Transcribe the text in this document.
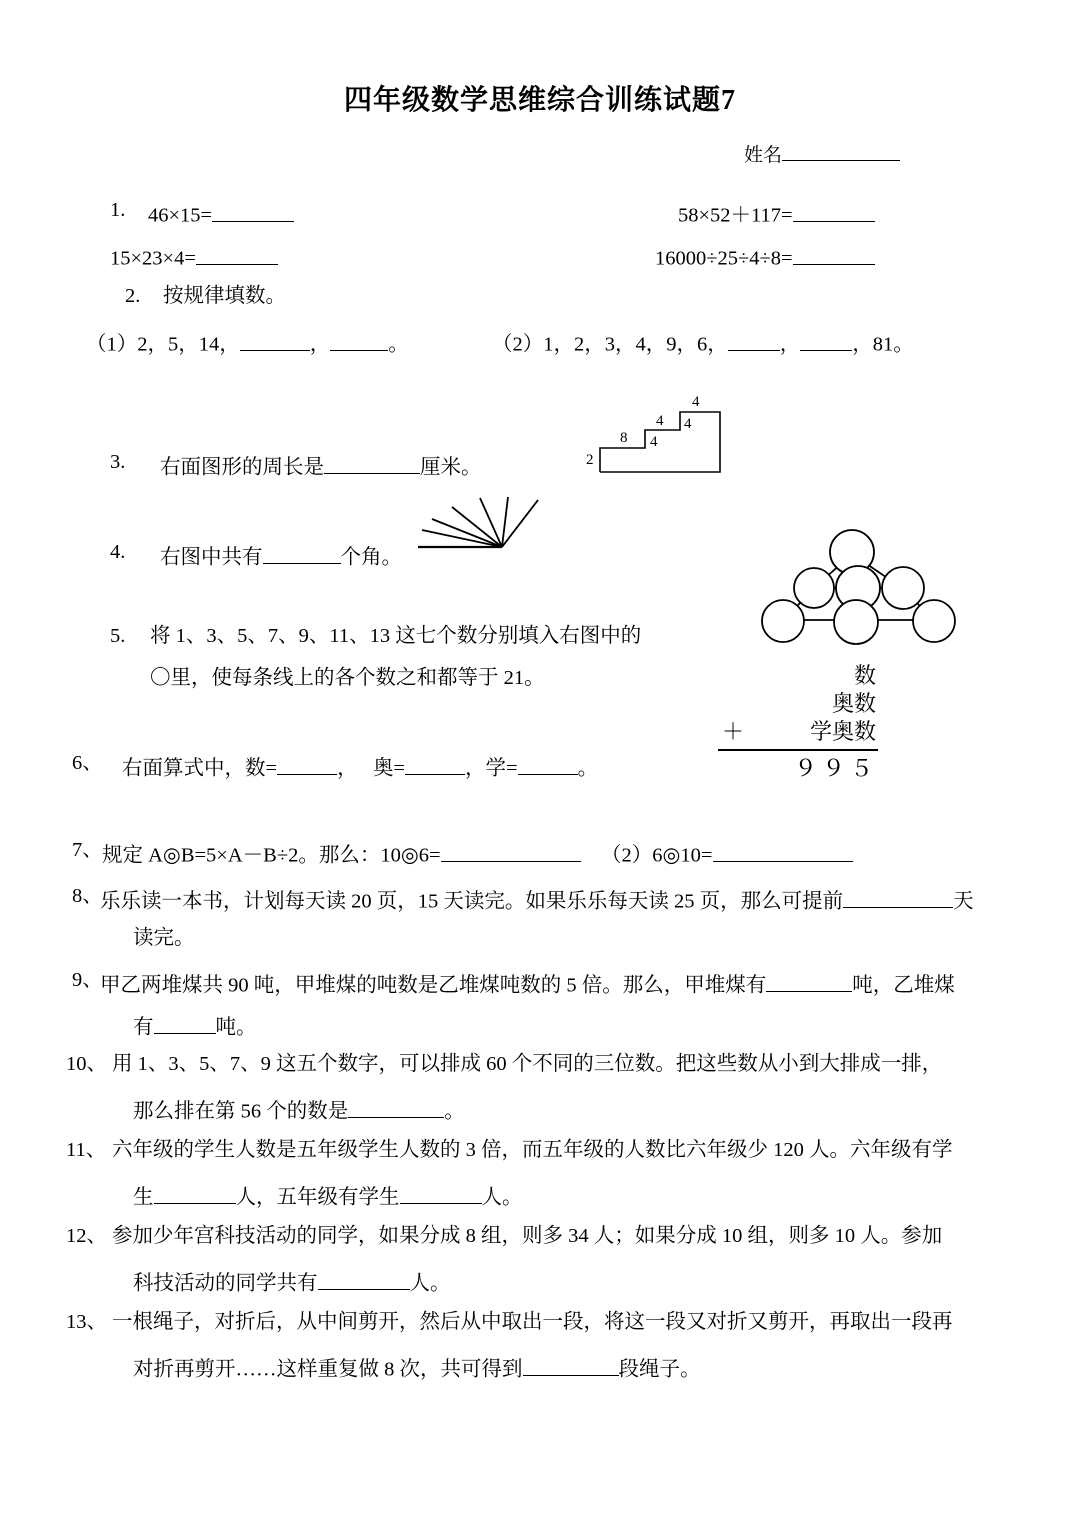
四年级数学思维综合训练试题7
姓名
1. 46×15=	58×52＋117=
15×23×4=	16000÷25÷4÷8=
2. 按规律填数。
（1）2，5，14，	，	。	（2）1，2，3，4，9，6，	，	，81。
2
8 4
4 4
4
3. 右面图形的周长是	厘米。
4. 右图中共有	个角。
5. 将 1、3、5、7、9、11、13 这七个数分别填入右图中的
〇里，使每条线上的各个数之和都等于 21。	数
奥数
＋	学奥数
９９５
6、 右面算式中，数=	， 奥=	，学=	。
7、 规定 A◎B=5×A－B÷2。那么：10◎6=	（2）6◎10=
8、
乐乐读一本书，计划每天读 20 页，15 天读完。如果乐乐每天读 25 页，那么可提前	天
读完。
9、
甲乙两堆煤共 90 吨，甲堆煤的吨数是乙堆煤吨数的 5 倍。那么，甲堆煤有	吨，乙堆煤
有	吨。
10、 用 1、3、5、7、9 这五个数字，可以排成 60 个不同的三位数。把这些数从小到大排成一排，
那么排在第 56 个的数是	。
11、 六年级的学生人数是五年级学生人数的 3 倍，而五年级的人数比六年级少 120 人。六年级有学
生	人，五年级有学生	人。
12、 参加少年宫科技活动的同学，如果分成 8 组，则多 34 人；如果分成 10 组，则多 10 人。参加
科技活动的同学共有	人。
13、 一根绳子，对折后，从中间剪开，然后从中取出一段，将这一段又对折又剪开，再取出一段再
对折再剪开……这样重复做 8 次，共可得到	段绳子。
